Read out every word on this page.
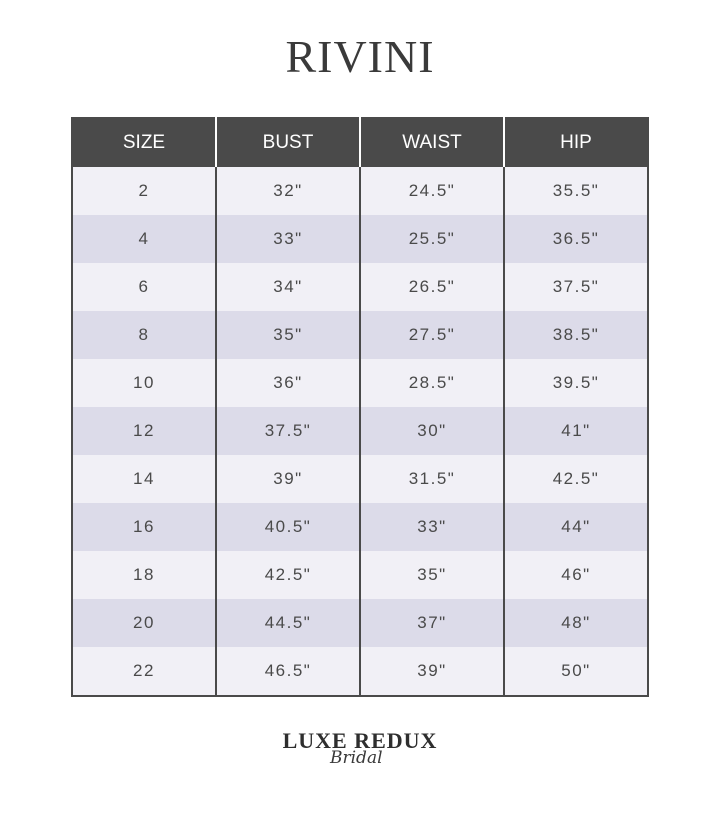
RIVINI
SIZE	BUST	WAIST	HIP
2	32"	24.5"	35.5"
4	33"	25.5"	36.5"
6	34"	26.5"	37.5"
8	35"	27.5"	38.5"
10	36"	28.5"	39.5"
12	37.5"	30"	41"
14	39"	31.5"	42.5"
16	40.5"	33"	44"
18	42.5"	35"	46"
20	44.5"	37"	48"
22	46.5"	39"	50"
LUXE REDUX
Bridal
